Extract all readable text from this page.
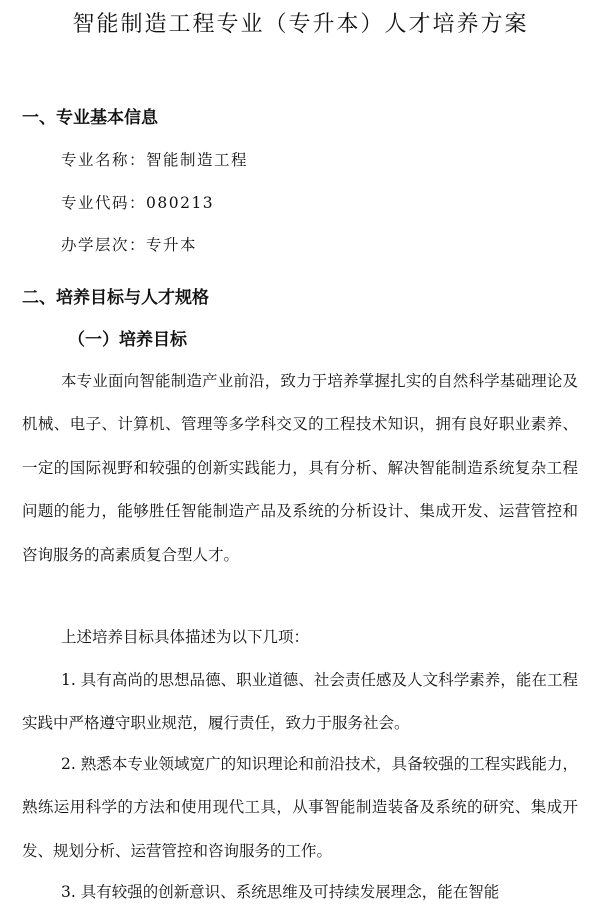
智能制造工程专业（专升本）人才培养方案
一、专业基本信息
专业名称：智能制造工程
专业代码：080213
办学层次：专升本
二、培养目标与人才规格
（一）培养目标

本专业面向智能制造产业前沿，致力于培养掌握扎实的自然科学基础理论及机械、电子、计算机、管理等多学科交叉的工程技术知识，拥有良好职业素养、一定的国际视野和较强的创新实践能力，具有分析、解决智能制造系统复杂工程问题的能力，能够胜任智能制造产品及系统的分析设计、集成开发、运营管控和咨询服务的高素质复合型人才。

上述培养目标具体描述为以下几项：

1. 具有高尚的思想品德、职业道德、社会责任感及人文科学素养，能在工程实践中严格遵守职业规范，履行责任，致力于服务社会。

2. 熟悉本专业领域宽广的知识理论和前沿技术，具备较强的工程实践能力，熟练运用科学的方法和使用现代工具，从事智能制造装备及系统的研究、集成开发、规划分析、运营管控和咨询服务的工作。

3. 具有较强的创新意识、系统思维及可持续发展理念，能在智能
